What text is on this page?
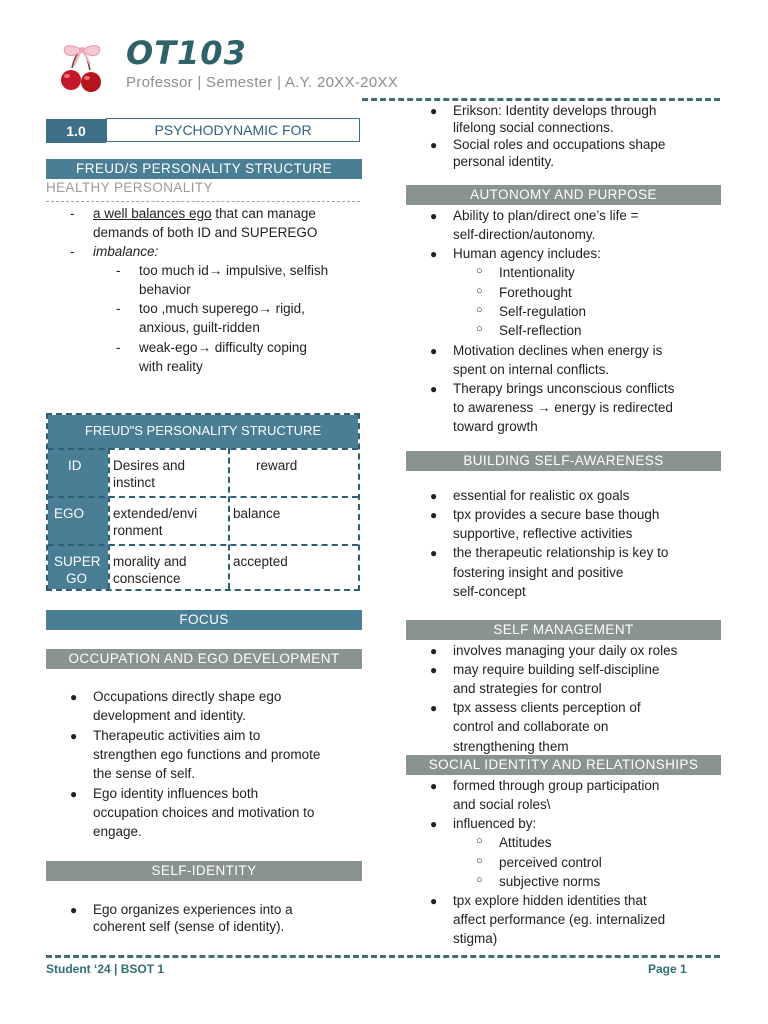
OT103
Professor | Semester | A.Y. 20XX-20XX
1.0	PSYCHODYNAMIC FOR
FREUD/S PERSONALITY STRUCTURE
HEALTHY PERSONALITY
- a well balances ego that can manage
demands of both ID and SUPEREGO
- imbalance:
- too much id→ impulsive, selfish
behavior
- too ,much superego→ rigid,
anxious, guilt-ridden
- weak-ego→ difficulty coping
with reality
FREUD"S PERSONALITY STRUCTURE
ID Desires and
instinct
reward
EGO extended/envi
ronment
balance
SUPER
GO
morality and
conscience
accepted
FOCUS
OCCUPATION AND EGO DEVELOPMENT
● Occupations directly shape ego
development and identity.
● Therapeutic activities aim to
strengthen ego functions and promote
the sense of self.
● Ego identity influences both
occupation choices and motivation to
engage.
SELF-IDENTITY
● Ego organizes experiences into a
coherent self (sense of identity).
● Erikson: Identity develops through
lifelong social connections.
● Social roles and occupations shape
personal identity.
AUTONOMY AND PURPOSE
● Ability to plan/direct one’s life =
self-direction/autonomy.
● Human agency includes:
○ Intentionality
○ Forethought
○ Self-regulation
○ Self-reflection
● Motivation declines when energy is
spent on internal conflicts.
● Therapy brings unconscious conflicts
to awareness → energy is redirected
toward growth
BUILDING SELF-AWARENESS
● essential for realistic ox goals
● tpx provides a secure base though
supportive, reflective activities
● the therapeutic relationship is key to
fostering insight and positive
self-concept
SELF MANAGEMENT
● involves managing your daily ox roles
● may require building self-discipline
and strategies for control
● tpx assess clients perception of
control and collaborate on
strengthening them
SOCIAL IDENTITY AND RELATIONSHIPS
● formed through group participation
and social roles\
● influenced by:
○ Attitudes
○ perceived control
○ subjective norms
● tpx explore hidden identities that
affect performance (eg. internalized
stigma)
Student ‘24 | BSOT 1	Page 1
